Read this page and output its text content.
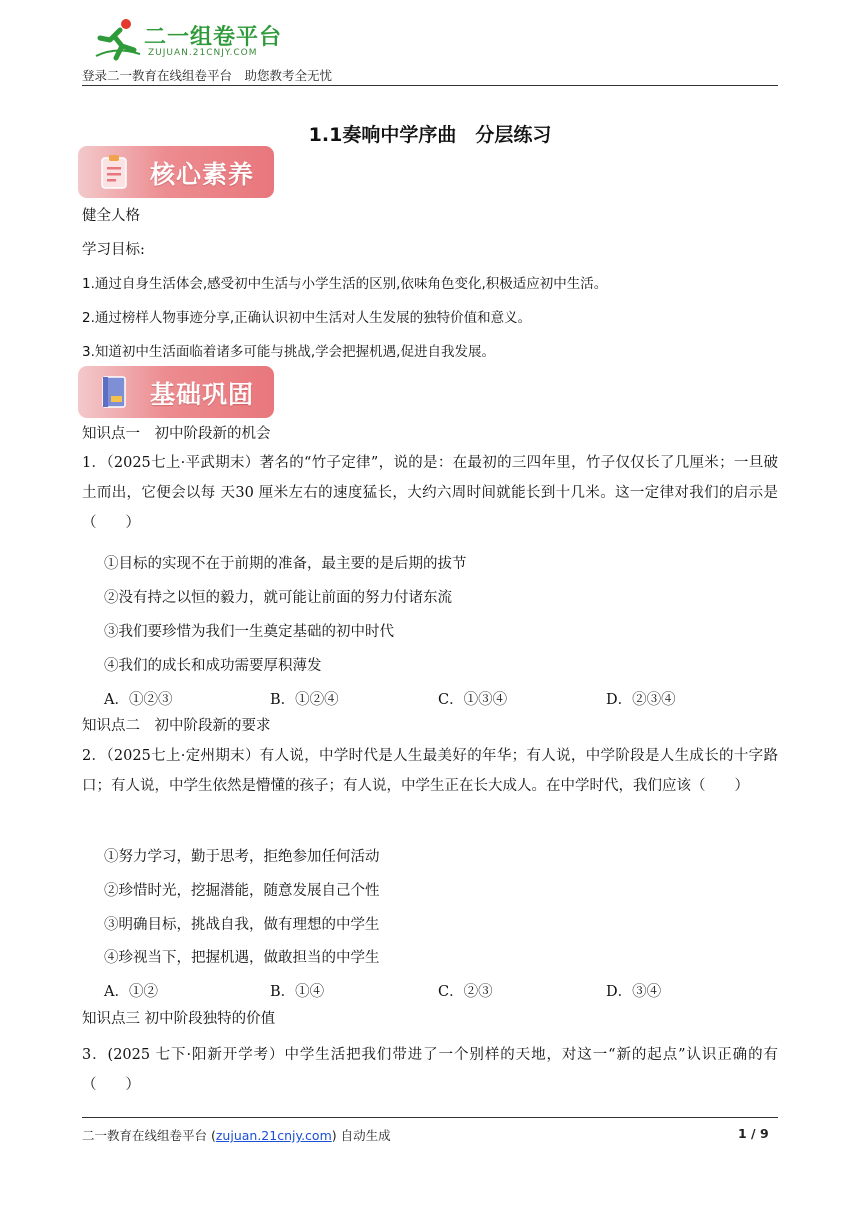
二一组卷平台
ZUJUAN.21CNJY.COM
登录二一教育在线组卷平台　助您教考全无忧
1.1奏响中学序曲　分层练习
核心素养
健全人格
学习目标:
1.通过自身生活体会,感受初中生活与小学生活的区别,依味角色变化,积极适应初中生活。
2.通过榜样人物事迹分享,正确认识初中生活对人生发展的独特价值和意义。
3.知道初中生活面临着诸多可能与挑战,学会把握机遇,促进自我发展。
基础巩固
知识点一　初中阶段新的机会
1．（2025七上·平武期末）著名的“竹子定律”，说的是：在最初的三四年里，竹子仅仅长了几厘米；一旦破土而出，它便会以每 天30 厘米左右的速度猛长，大约六周时间就能长到十几米。这一定律对我们的启示是（　　）
①目标的实现不在于前期的准备，最主要的是后期的拔节
②没有持之以恒的毅力，就可能让前面的努力付诸东流
③我们要珍惜为我们一生奠定基础的初中时代
④我们的成长和成功需要厚积薄发
A．①②③	B．①②④	C．①③④	D．②③④
知识点二　初中阶段新的要求
2．（2025七上·定州期末）有人说，中学时代是人生最美好的年华；有人说，中学阶段是人生成长的十字路口；有人说，中学生依然是懵懂的孩子；有人说，中学生正在长大成人。在中学时代，我们应该（　　）
①努力学习，勤于思考，拒绝参加任何活动
②珍惜时光，挖掘潜能，随意发展自己个性
③明确目标，挑战自我，做有理想的中学生
④珍视当下，把握机遇，做敢担当的中学生
A．①②	B．①④	C．②③	D．③④
知识点三 初中阶段独特的价值
3．(2025 七下·阳新开学考）中学生活把我们带进了一个别样的天地，对这一“新的起点”认识正确的有（　　）
二一教育在线组卷平台 (zujuan.21cnjy.com) 自动生成	1 / 9
